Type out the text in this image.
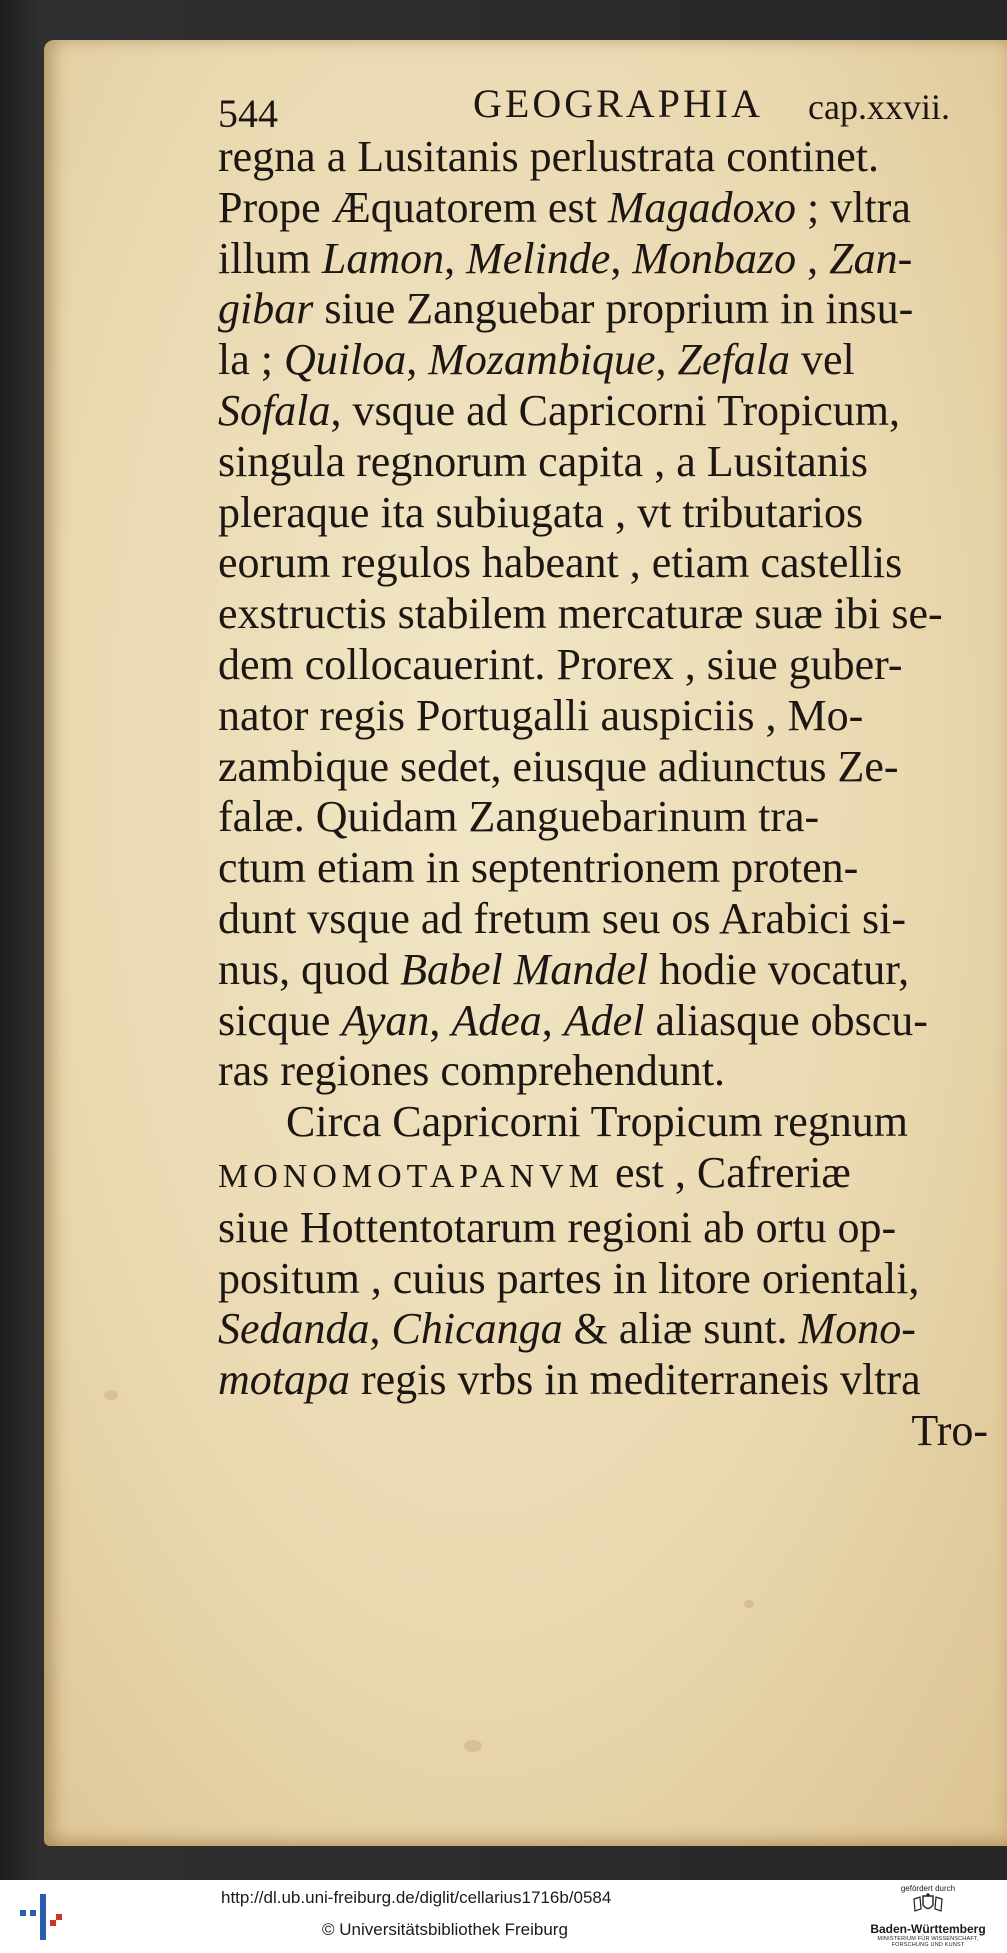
544	GEOGRAPHIA cap.xxvii.
regna a Lusitanis perlustrata continet.
Prope Æquatorem est Magadoxo ; vltra
illum Lamon, Melinde, Monbazo , Zan-
gibar siue Zanguebar proprium in insu-
la ; Quiloa, Mozambique, Zefala vel
Sofala, vsque ad Capricorni Tropicum,
singula regnorum capita , a Lusitanis
pleraque ita subiugata , vt tributarios
eorum regulos habeant , etiam castellis
exstructis stabilem mercaturæ suæ ibi se-
dem collocauerint. Prorex , siue guber-
nator regis Portugalli auspiciis , Mo-
zambique sedet, eiusque adiunctus Ze-
falæ. Quidam Zanguebarinum tra-
ctum etiam in septentrionem proten-
dunt vsque ad fretum seu os Arabici si-
nus, quod Babel Mandel hodie vocatur,
sicque Ayan, Adea, Adel aliasque obscu-
ras regiones comprehendunt.
Circa Capricorni Tropicum regnum
MONOMOTAPANVM est , Cafreriæ
siue Hottentotarum regioni ab ortu op-
positum , cuius partes in litore orientali,
Sedanda, Chicanga & aliæ sunt. Mono-
motapa regis vrbs in mediterraneis vltra
Tro-
http://dl.ub.uni-freiburg.de/diglit/cellarius1716b/0584
© Universitätsbibliothek Freiburg
gefördert durch
Baden-Württemberg
MINISTERIUM FÜR WISSENSCHAFT, FORSCHUNG UND KUNST
